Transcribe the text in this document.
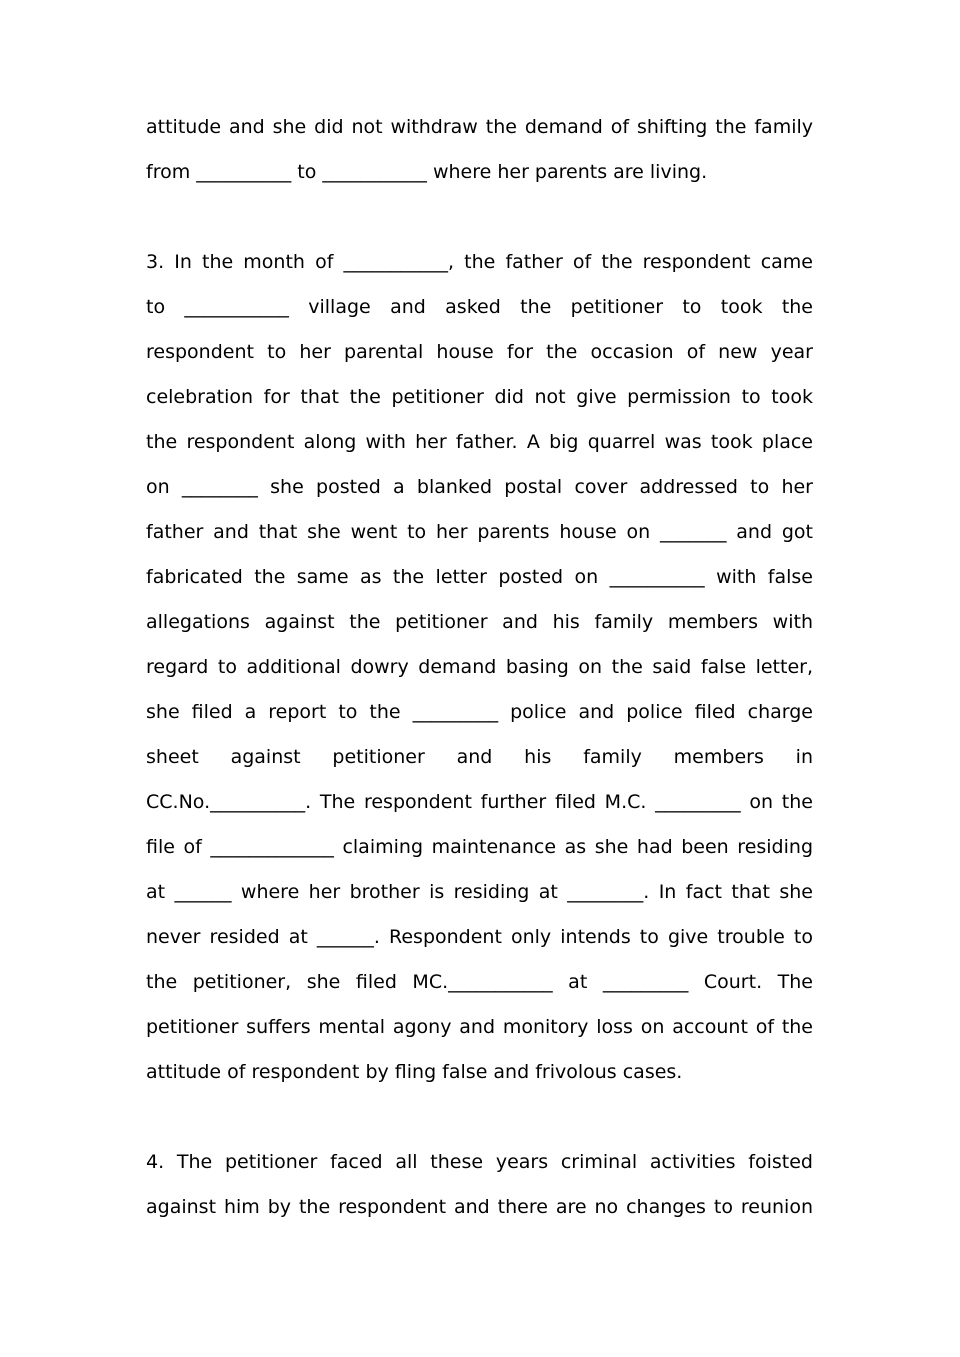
attitude and she did not withdraw the demand of shifting the family
from __________ to ___________ where her parents are living.
3. In the month of ___________, the father of the respondent came
to ___________ village and asked the petitioner to took the
respondent to her parental house for the occasion of new year
celebration for that the petitioner did not give permission to took
the respondent along with her father. A big quarrel was took place
on ________ she posted a blanked postal cover addressed to her
father and that she went to her parents house on _______ and got
fabricated the same as the letter posted on __________ with false
allegations against the petitioner and his family members with
regard to additional dowry demand basing on the said false letter,
she filed a report to the _________ police and police filed charge
sheet against petitioner and his family members in
CC.No.__________. The respondent further filed M.C. _________ on the
file of _____________ claiming maintenance as she had been residing
at ______ where her brother is residing at ________. In fact that she
never resided at ______. Respondent only intends to give trouble to
the petitioner, she filed MC.___________ at _________ Court. The
petitioner suffers mental agony and monitory loss on account of the
attitude of respondent by fling false and frivolous cases.
4. The petitioner faced all these years criminal activities foisted
against him by the respondent and there are no changes to reunion
